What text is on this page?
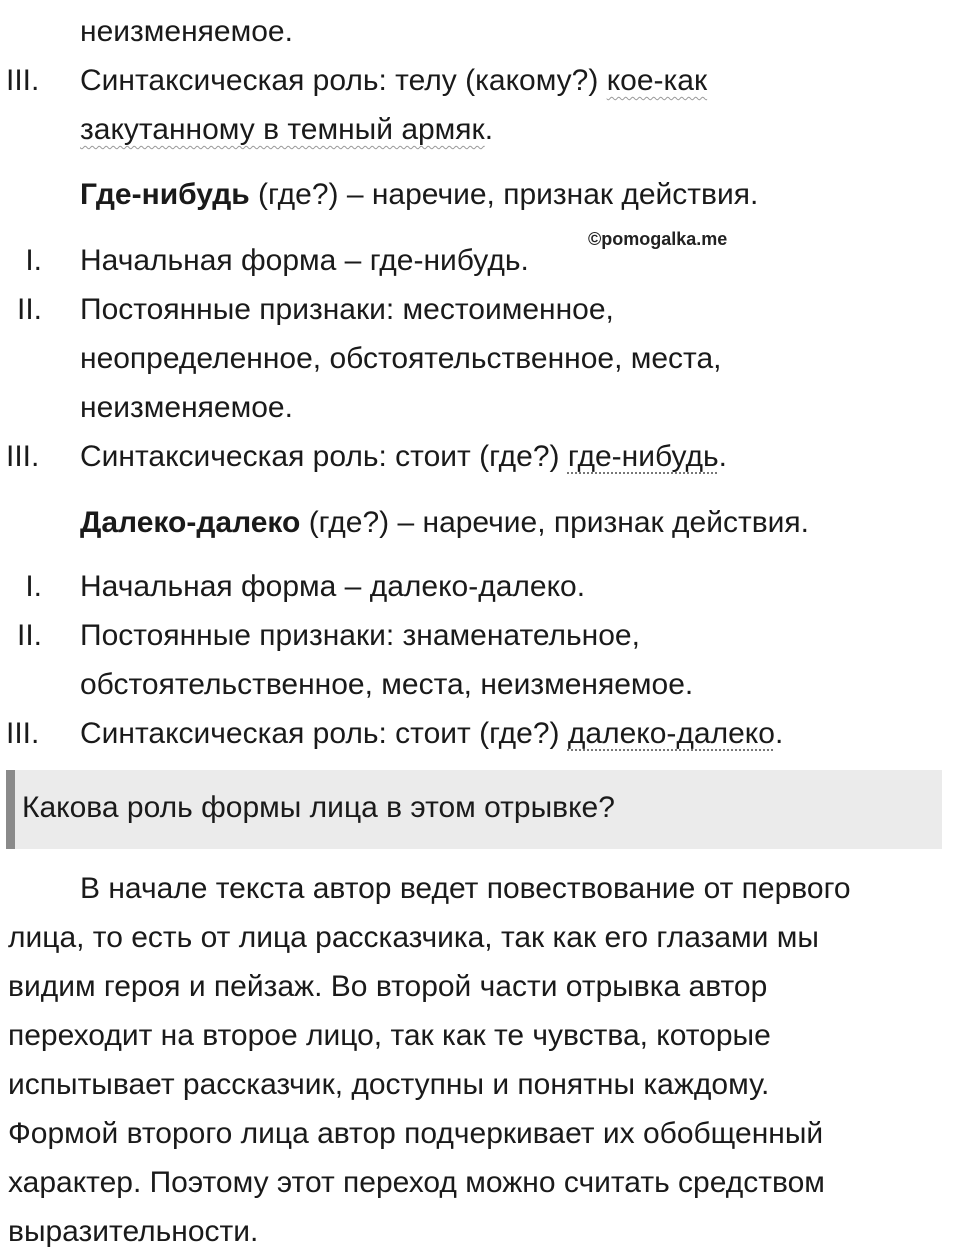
неизменяемое.
III. Синтаксическая роль: телу (какому?) кое-как
закутанному в темный армяк.
Где-нибудь (где?) – наречие, признак действия.
©pomogalka.me
I. Начальная форма – где-нибудь.
II. Постоянные признаки: местоименное,
неопределенное, обстоятельственное, места,
неизменяемое.
III. Синтаксическая роль: стоит (где?) где-нибудь.
Далеко-далеко (где?) – наречие, признак действия.
I. Начальная форма – далеко-далеко.
II. Постоянные признаки: знаменательное,
обстоятельственное, места, неизменяемое.
III. Синтаксическая роль: стоит (где?) далеко-далеко.
Какова роль формы лица в этом отрывке?
В начале текста автор ведет повествование от первого
лица, то есть от лица рассказчика, так как его глазами мы
видим героя и пейзаж. Во второй части отрывка автор
переходит на второе лицо, так как те чувства, которые
испытывает рассказчик, доступны и понятны каждому.
Формой второго лица автор подчеркивает их обобщенный
характер. Поэтому этот переход можно считать средством
выразительности.
